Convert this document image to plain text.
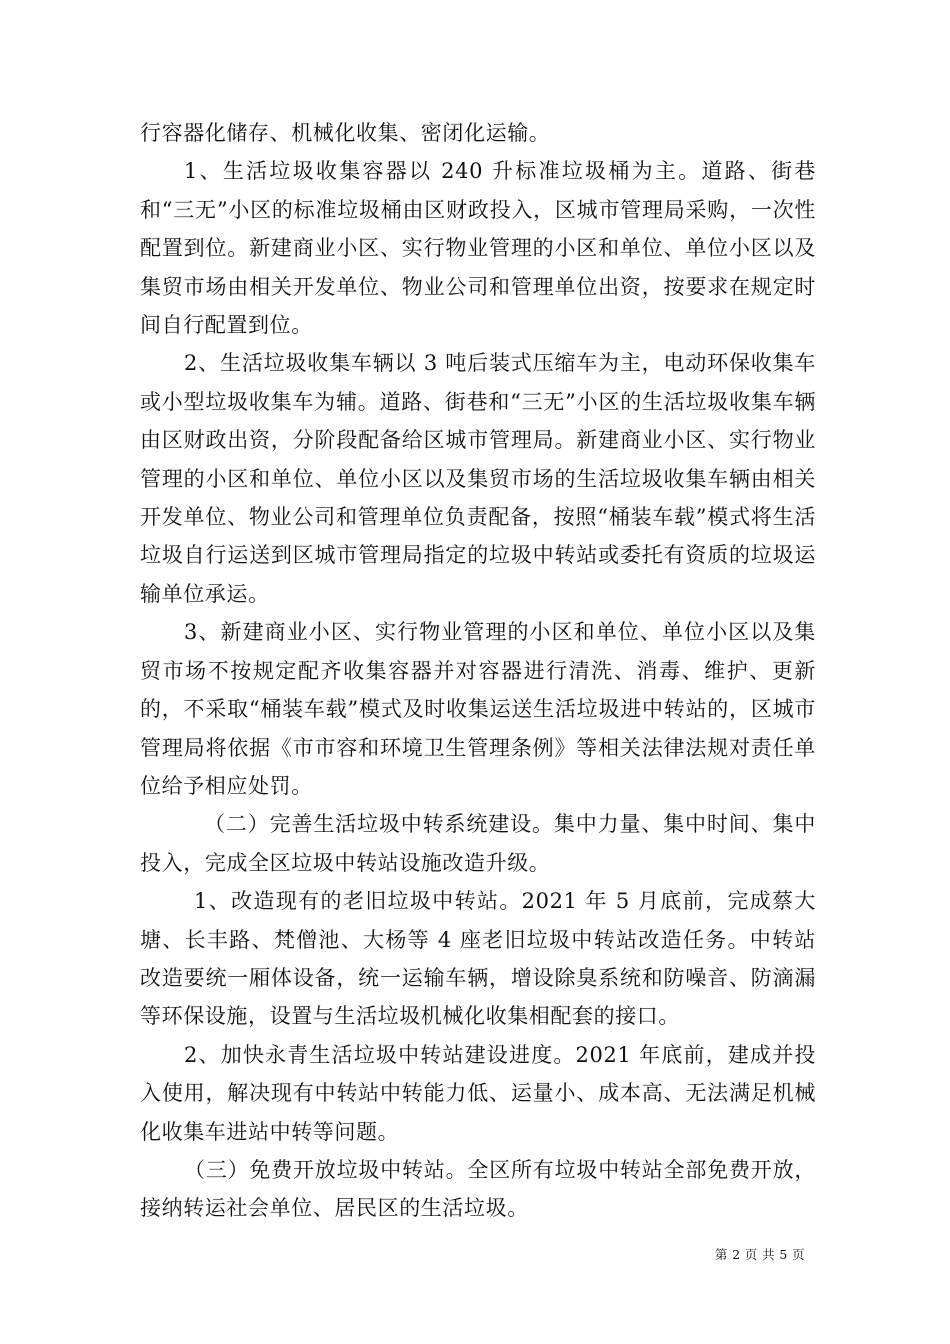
行容器化储存、机械化收集、密闭化运输。

1、生活垃圾收集容器以 240 升标准垃圾桶为主。道路、街巷和“三无”小区的标准垃圾桶由区财政投入，区城市管理局采购，一次性配置到位。新建商业小区、实行物业管理的小区和单位、单位小区以及集贸市场由相关开发单位、物业公司和管理单位出资，按要求在规定时间自行配置到位。

2、生活垃圾收集车辆以 3 吨后装式压缩车为主，电动环保收集车或小型垃圾收集车为辅。道路、街巷和“三无”小区的生活垃圾收集车辆由区财政出资，分阶段配备给区城市管理局。新建商业小区、实行物业管理的小区和单位、单位小区以及集贸市场的生活垃圾收集车辆由相关开发单位、物业公司和管理单位负责配备，按照“桶装车载”模式将生活垃圾自行运送到区城市管理局指定的垃圾中转站或委托有资质的垃圾运输单位承运。

3、新建商业小区、实行物业管理的小区和单位、单位小区以及集贸市场不按规定配齐收集容器并对容器进行清洗、消毒、维护、更新的，不采取“桶装车载”模式及时收集运送生活垃圾进中转站的，区城市管理局将依据《市市容和环境卫生管理条例》等相关法律法规对责任单位给予相应处罚。

（二）完善生活垃圾中转系统建设。集中力量、集中时间、集中投入，完成全区垃圾中转站设施改造升级。

1、改造现有的老旧垃圾中转站。2021 年 5 月底前，完成蔡大塘、长丰路、梵僧池、大杨等 4 座老旧垃圾中转站改造任务。中转站改造要统一厢体设备，统一运输车辆，增设除臭系统和防噪音、防滴漏等环保设施，设置与生活垃圾机械化收集相配套的接口。

2、加快永青生活垃圾中转站建设进度。2021 年底前，建成并投入使用，解决现有中转站中转能力低、运量小、成本高、无法满足机械化收集车进站中转等问题。

（三）免费开放垃圾中转站。全区所有垃圾中转站全部免费开放，接纳转运社会单位、居民区的生活垃圾。

第 2 页 共 5 页
